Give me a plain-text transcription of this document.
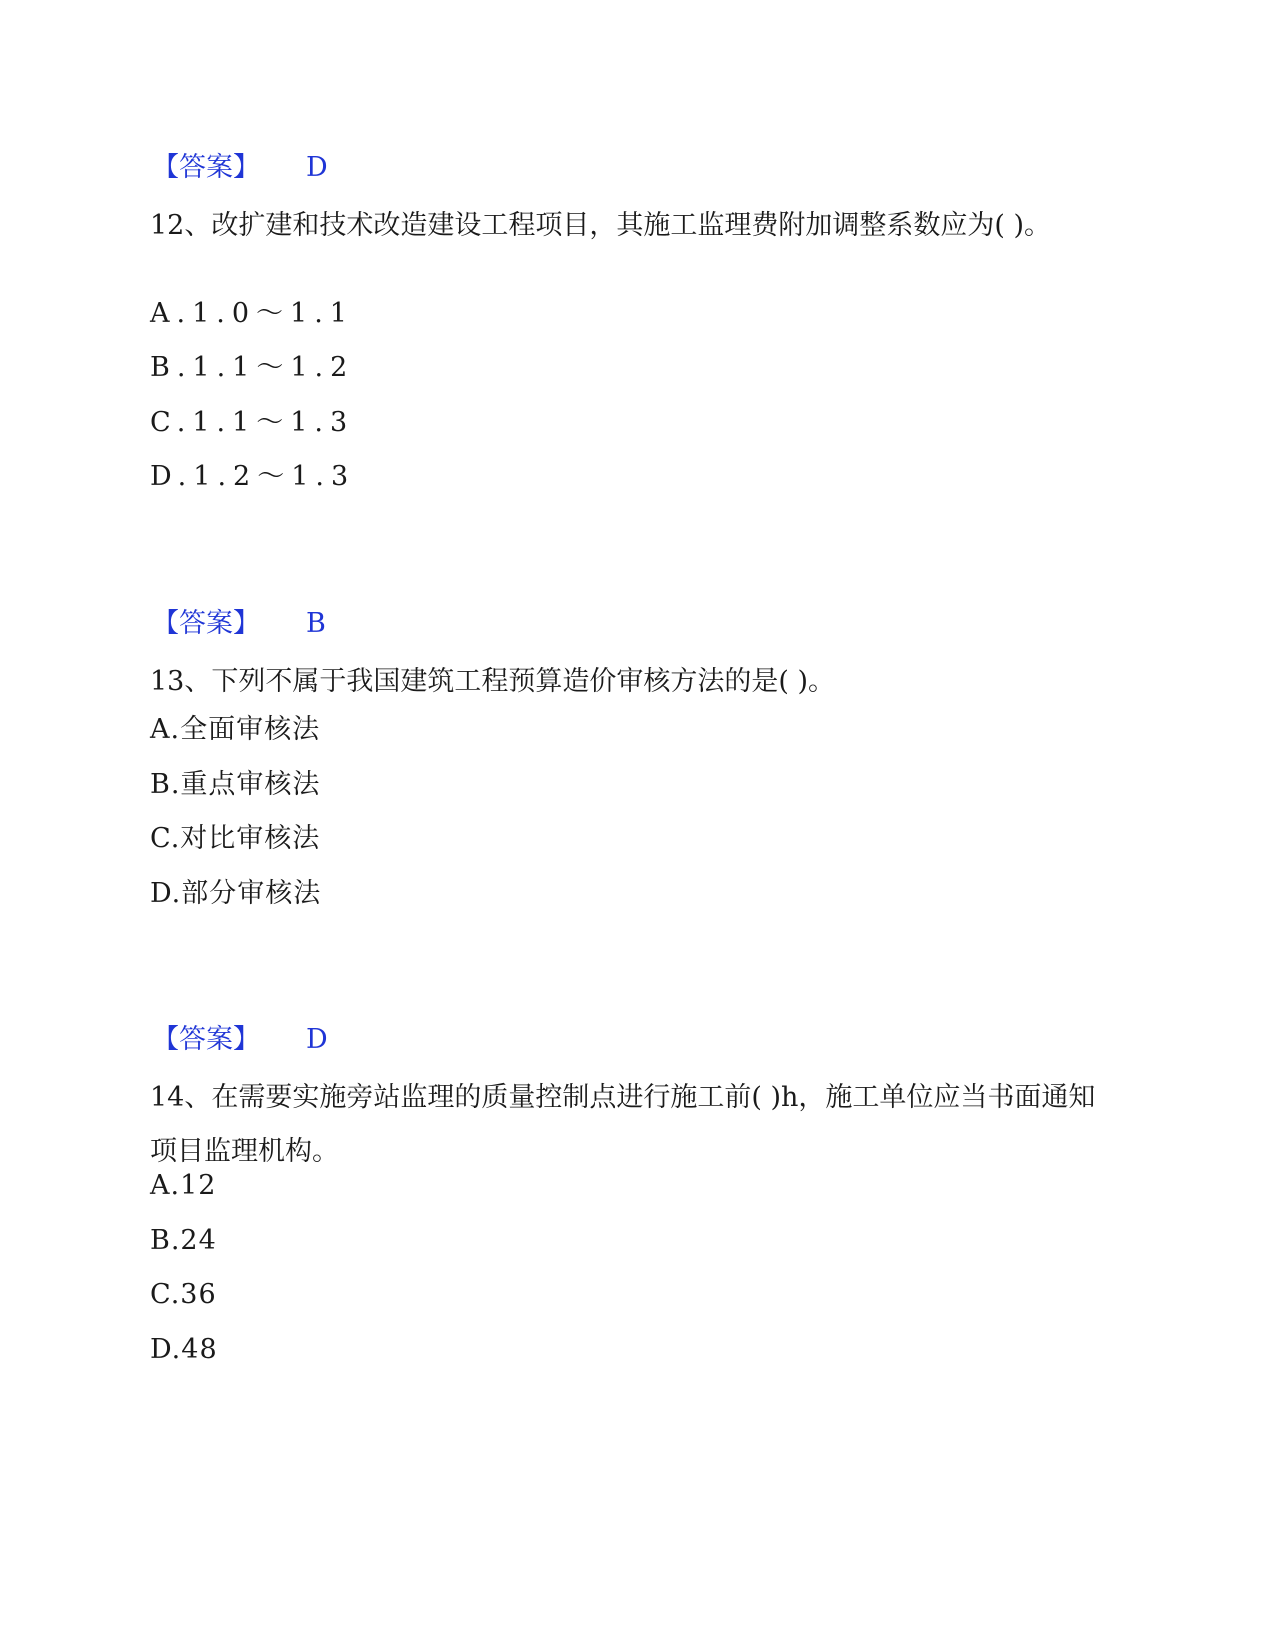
【答案】 D
12、改扩建和技术改造建设工程项目，其施工监理费附加调整系数应为( )。
A.1.0～1.1
B.1.1～1.2
C.1.1～1.3
D.1.2～1.3
【答案】 B
13、下列不属于我国建筑工程预算造价审核方法的是( )。
A.全面审核法
B.重点审核法
C.对比审核法
D.部分审核法
【答案】 D
14、在需要实施旁站监理的质量控制点进行施工前( )h，施工单位应当书面通知项目监理机构。
A.12
B.24
C.36
D.48
